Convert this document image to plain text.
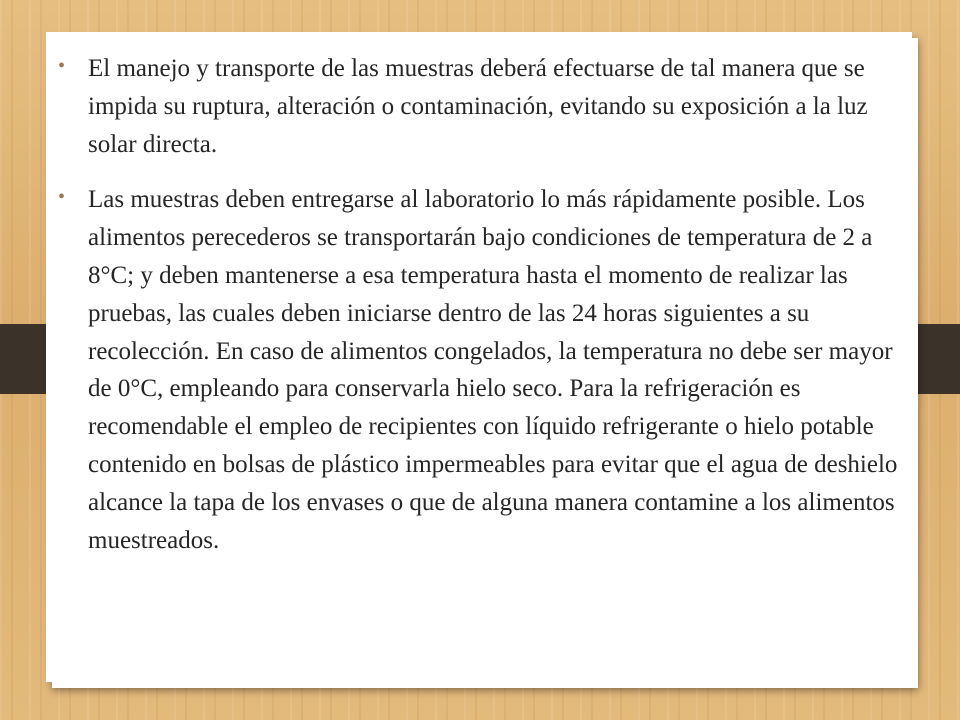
• El manejo y transporte de las muestras deberá efectuarse de tal manera que se impida su ruptura, alteración o contaminación, evitando su exposición a la luz solar directa.

• Las muestras deben entregarse al laboratorio lo más rápidamente posible. Los alimentos perecederos se transportarán bajo condiciones de temperatura de 2 a 8°C; y deben mantenerse a esa temperatura hasta el momento de realizar las pruebas, las cuales deben iniciarse dentro de las 24 horas siguientes a su recolección. En caso de alimentos congelados, la temperatura no debe ser mayor de 0°C, empleando para conservarla hielo seco. Para la refrigeración es recomendable el empleo de recipientes con líquido refrigerante o hielo potable contenido en bolsas de plástico impermeables para evitar que el agua de deshielo alcance la tapa de los envases o que de alguna manera contamine a los alimentos muestreados.
